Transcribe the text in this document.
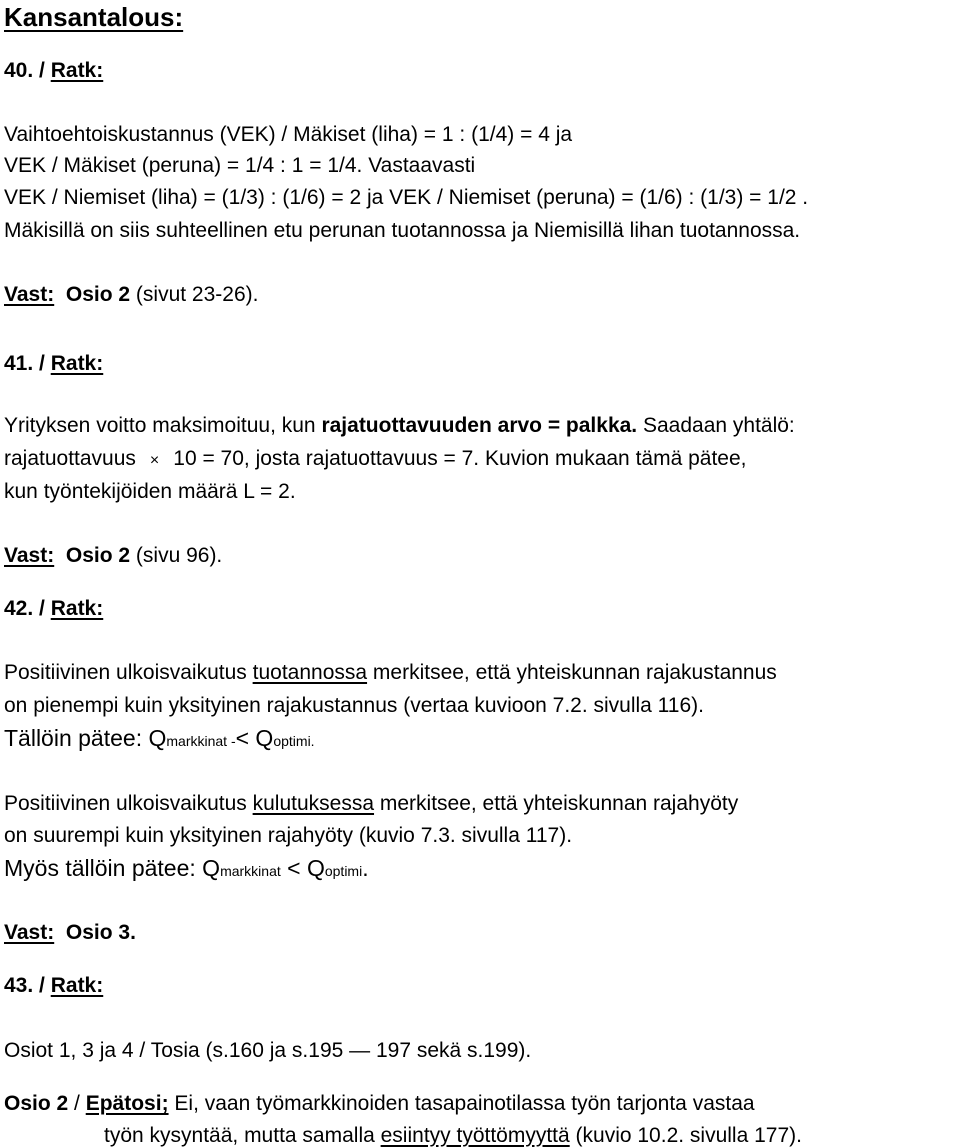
Kansantalous:
40. / Ratk:
Vaihtoehtoiskustannus (VEK) / Mäkiset (liha) = 1 : (1/4) = 4 ja
VEK / Mäkiset (peruna) = 1/4 : 1 = 1/4. Vastaavasti
VEK / Niemiset (liha) = (1/3) : (1/6) = 2 ja VEK / Niemiset (peruna) = (1/6) : (1/3) = 1/2 .
Mäkisillä on siis suhteellinen etu perunan tuotannossa ja Niemisillä lihan tuotannossa.
Vast: Osio 2 (sivut 23-26).
41. / Ratk:
Yrityksen voitto maksimoituu, kun rajatuottavuuden arvo = palkka. Saadaan yhtälö:
rajatuottavuus × 10 = 70, josta rajatuottavuus = 7. Kuvion mukaan tämä pätee,
kun työntekijöiden määrä L = 2.
Vast: Osio 2 (sivu 96).
42. / Ratk:
Positiivinen ulkoisvaikutus tuotannossa merkitsee, että yhteiskunnan rajakustannus
on pienempi kuin yksityinen rajakustannus (vertaa kuvioon 7.2. sivulla 116).
Tällöin pätee: Qmarkkinat -< Qoptimi.
Positiivinen ulkoisvaikutus kulutuksessa merkitsee, että yhteiskunnan rajahyöty
on suurempi kuin yksityinen rajahyöty (kuvio 7.3. sivulla 117).
Myös tällöin pätee: Qmarkkinat < Qoptimi.
Vast: Osio 3.
43. / Ratk:
Osiot 1, 3 ja 4 / Tosia (s.160 ja s.195 — 197 sekä s.199).
Osio 2 / Epätosi; Ei, vaan työmarkkinoiden tasapainotilassa työn tarjonta vastaa
työn kysyntää, mutta samalla esiintyy työttömyyttä (kuvio 10.2. sivulla 177).
